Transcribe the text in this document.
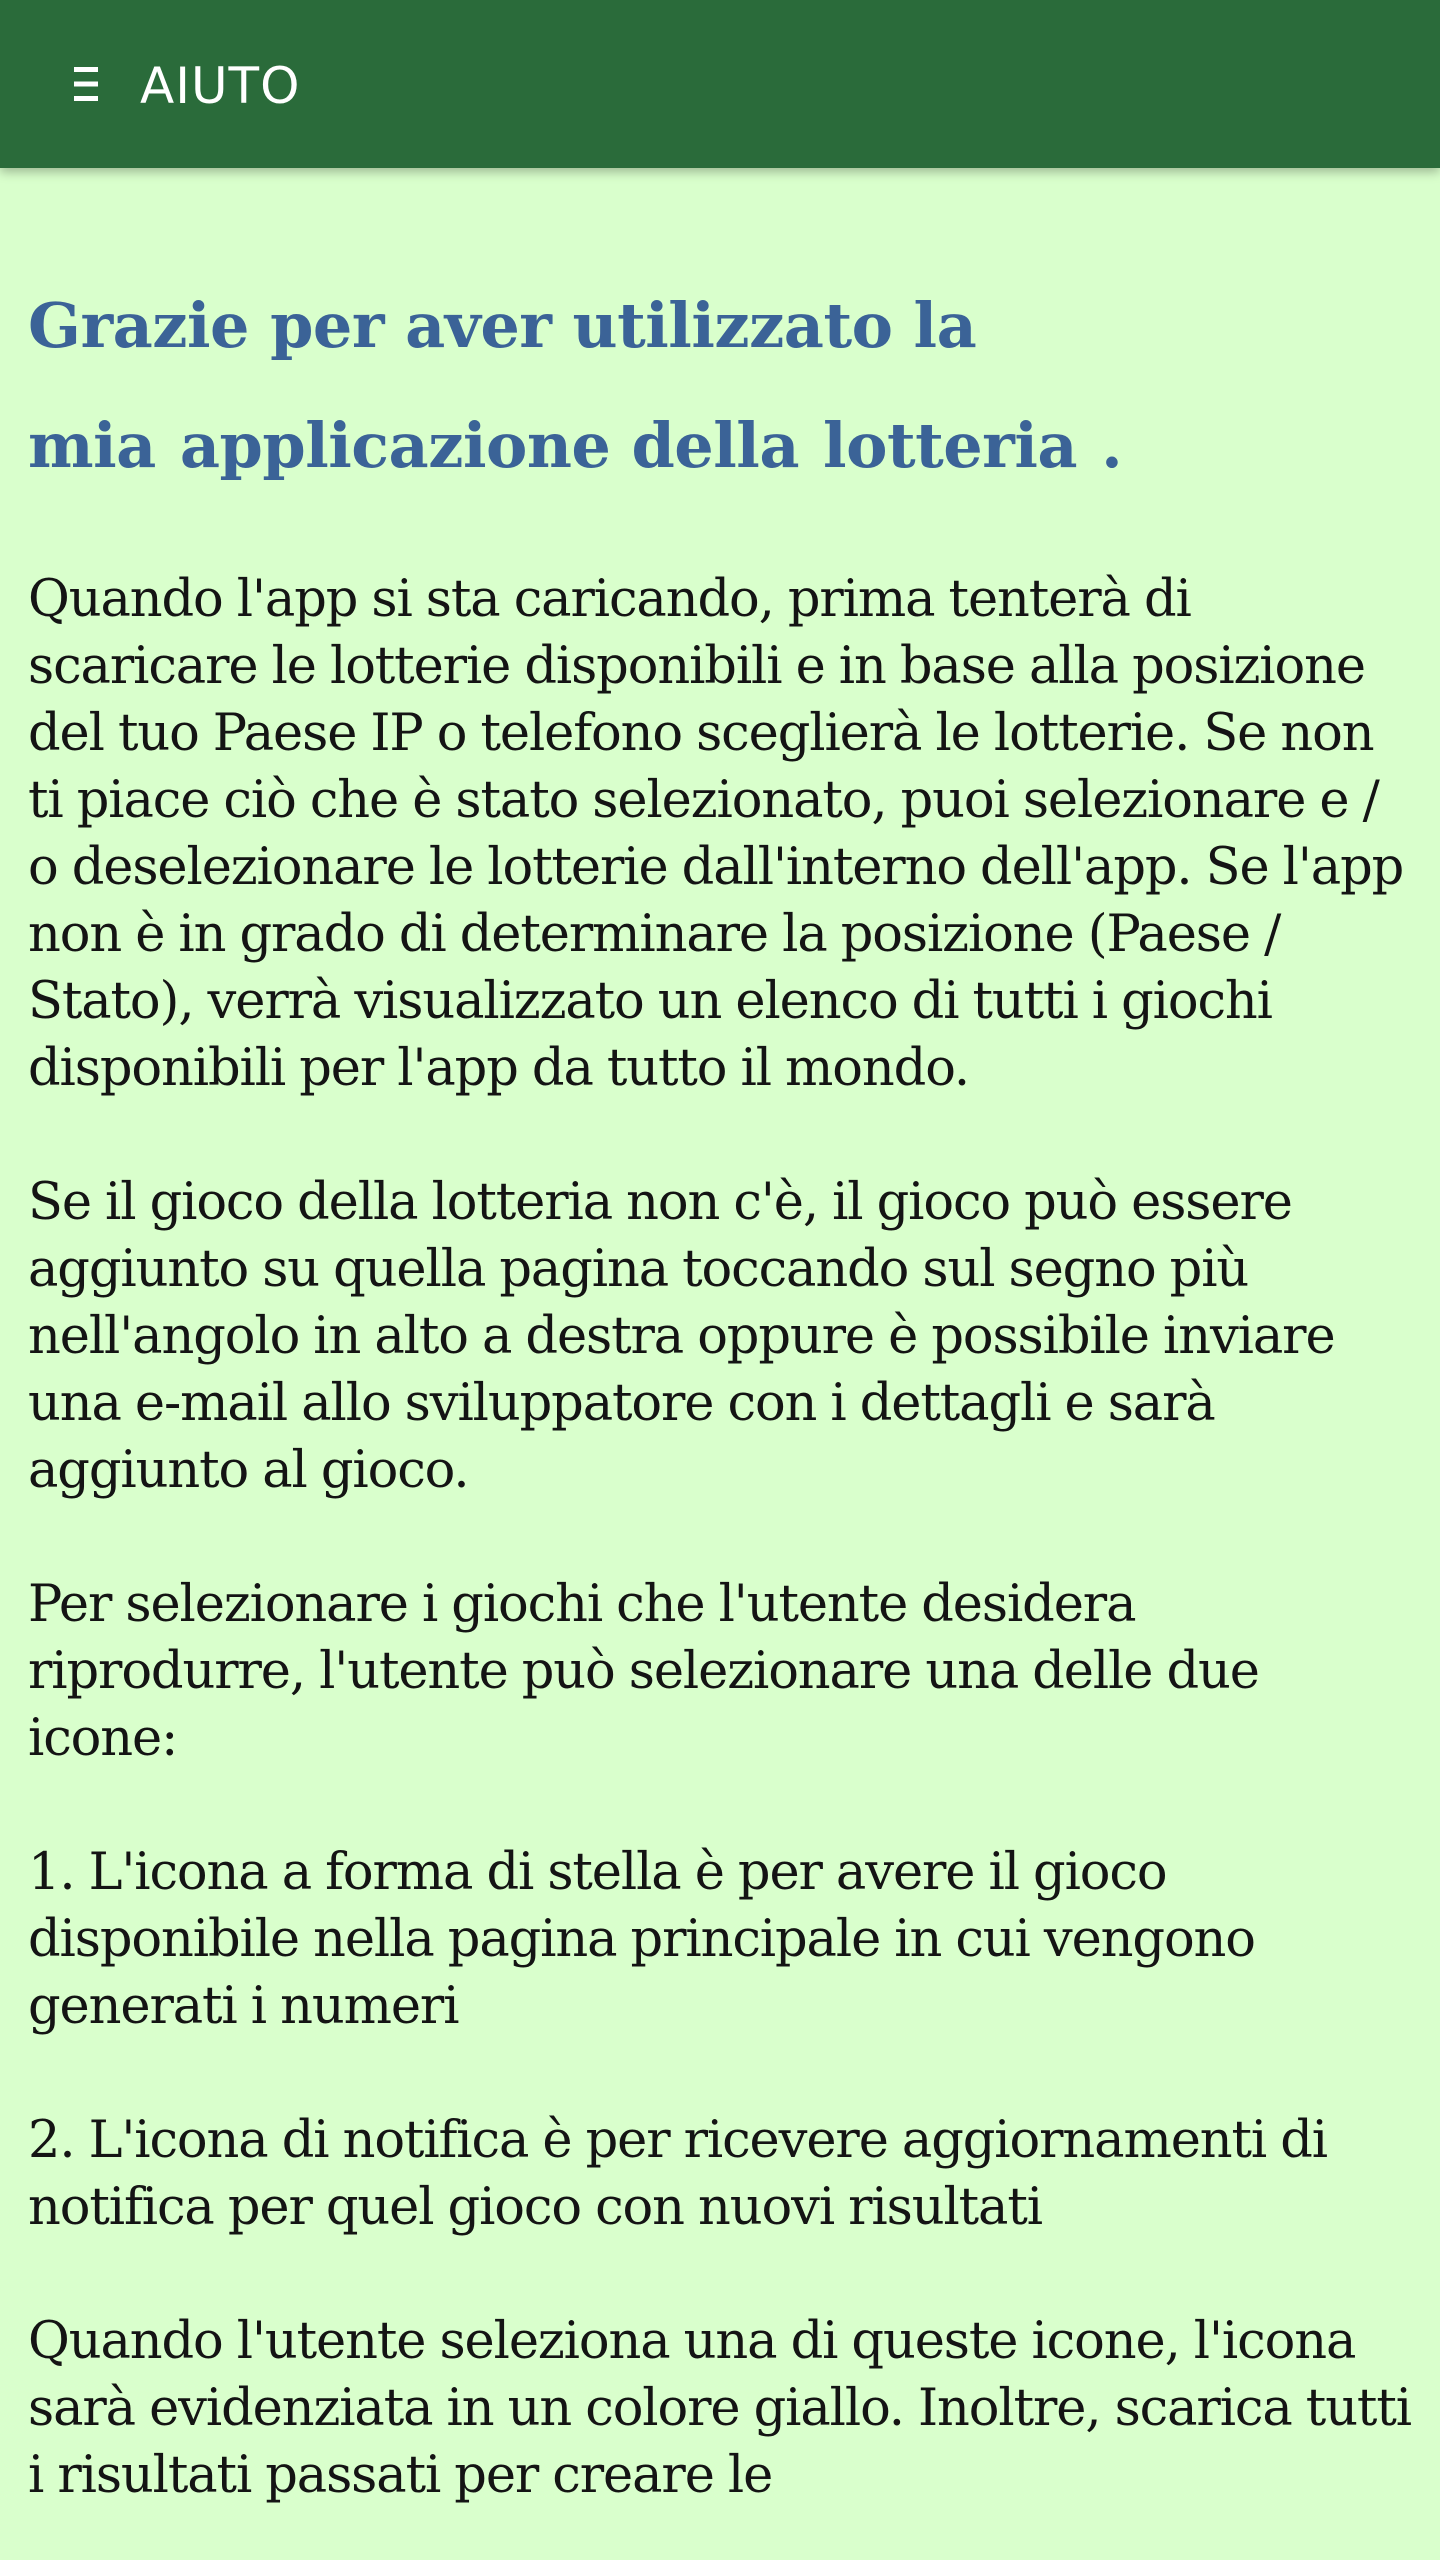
AIUTO
Grazie per aver utilizzato la
mia applicazione della lotteria .

Quando l'app si sta caricando, prima tenterà di scaricare le lotterie disponibili e in base alla posizione del tuo Paese IP o telefono sceglierà le lotterie. Se non ti piace ciò che è stato selezionato, puoi selezionare e / o deselezionare le lotterie dall'interno dell'app. Se l'app non è in grado di determinare la posizione (Paese / Stato), verrà visualizzato un elenco di tutti i giochi disponibili per l'app da tutto il mondo.

Se il gioco della lotteria non c'è, il gioco può essere aggiunto su quella pagina toccando sul segno più nell'angolo in alto a destra oppure è possibile inviare una e-mail allo sviluppatore con i dettagli e sarà aggiunto al gioco.

Per selezionare i giochi che l'utente desidera riprodurre, l'utente può selezionare una delle due icone:

1. L'icona a forma di stella è per avere il gioco disponibile nella pagina principale in cui vengono generati i numeri

2. L'icona di notifica è per ricevere aggiornamenti di notifica per quel gioco con nuovi risultati

Quando l'utente seleziona una di queste icone, l'icona sarà evidenziata in un colore giallo. Inoltre, scarica tutti i risultati passati per creare le
